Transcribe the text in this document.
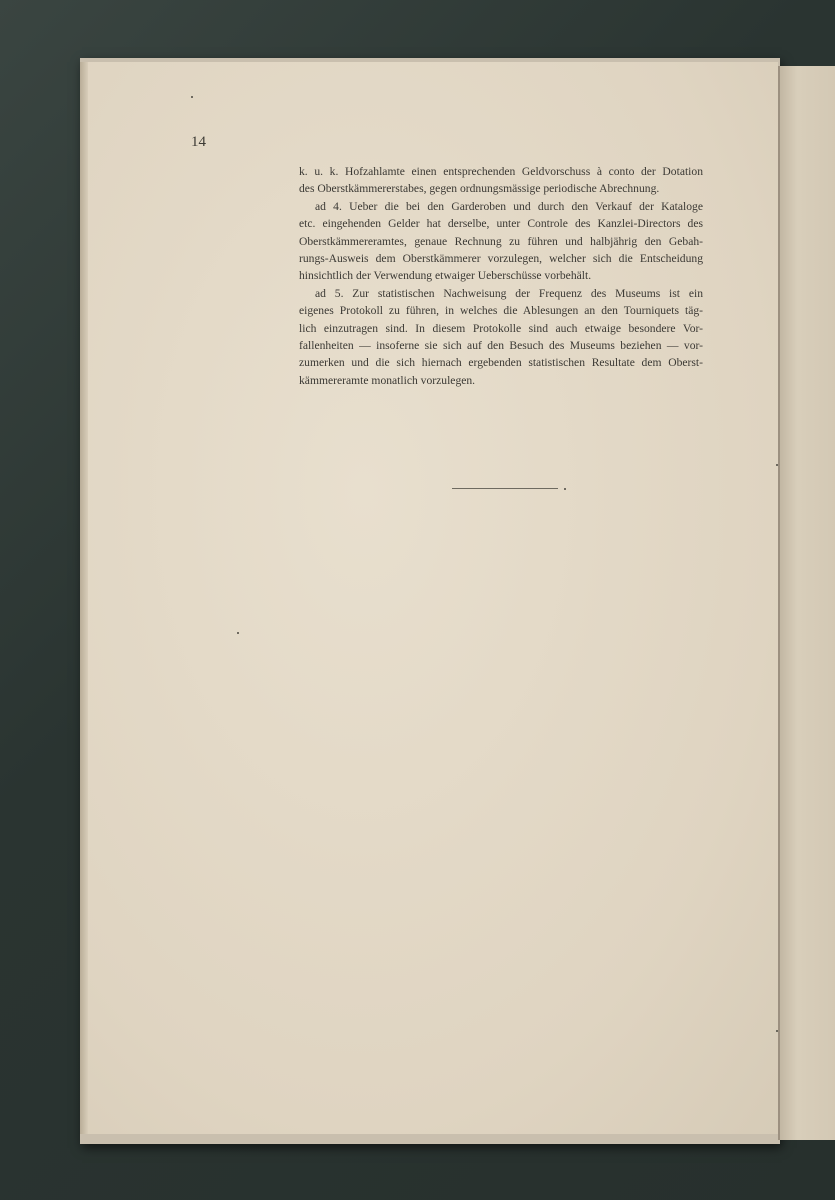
14

k. u. k. Hofzahlamte einen entsprechenden Geldvorschuss à conto der Dotation
des Oberstkämmererstabes, gegen ordnungsmässige periodische Abrechnung.

ad 4. Ueber die bei den Garderoben und durch den Verkauf der Kataloge
etc. eingehenden Gelder hat derselbe, unter Controle des Kanzlei-Directors des
Oberstkämmereramtes, genaue Rechnung zu führen und halbjährig den Gebah-
rungs-Ausweis dem Oberstkämmerer vorzulegen, welcher sich die Entscheidung
hinsichtlich der Verwendung etwaiger Ueberschüsse vorbehält.

ad 5. Zur statistischen Nachweisung der Frequenz des Museums ist ein
eigenes Protokoll zu führen, in welches die Ablesungen an den Tourniquets täg-
lich einzutragen sind. In diesem Protokolle sind auch etwaige besondere Vor-
fallenheiten — insoferne sie sich auf den Besuch des Museums beziehen — vor-
zumerken und die sich hiernach ergebenden statistischen Resultate dem Oberst-
kämmereramte monatlich vorzulegen.
